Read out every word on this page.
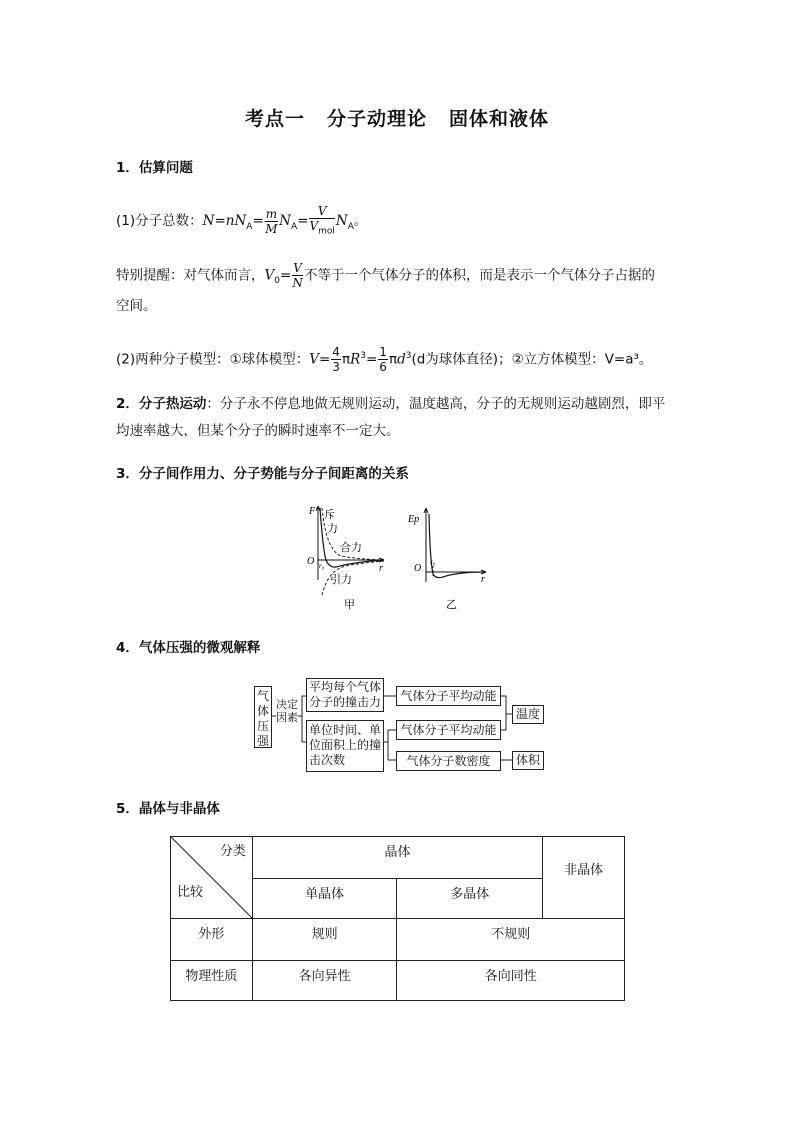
考点一 分子动理论 固体和液体
1．估算问题
(1)分子总数：$N=nN_A= \frac{m}{M} N_A= \frac{V}{V_{mol}} N_A$。
特别提醒：对气体而言，$V_0= \frac{V}{N}$ 不等于一个气体分子的体积，而是表示一个气体分子占据的
空间。
(2)两种分子模型：①球体模型：$V= \frac{4}{3} \pi R^3= \frac{1}{6} \pi d^3(d$为球体直径)；②立方体模型：V=a³。
2．分子热运动：分子永不停息地做无规则运动，温度越高，分子的无规则运动越剧烈，即平
均速率越大，但某个分子的瞬时速率不一定大。
3．分子间作用力、分子势能与分子间距离的关系
F
r
O r₀
斥
力
合力
引力
甲
Ep
r
O
r₀
乙
4．气体压强的微观解释
气体压强
决定因素
平均每个气体分子的撞击力
单位时间、单位面积上的撞击次数
气体分子平均动能
气体分子平均动能
气体分子数密度
温度
体积
5．晶体与非晶体
分类
比较	晶体		非晶体
	单晶体	多晶体	
外形	规则	不规则	
物理性质	各向异性	各向同性	
